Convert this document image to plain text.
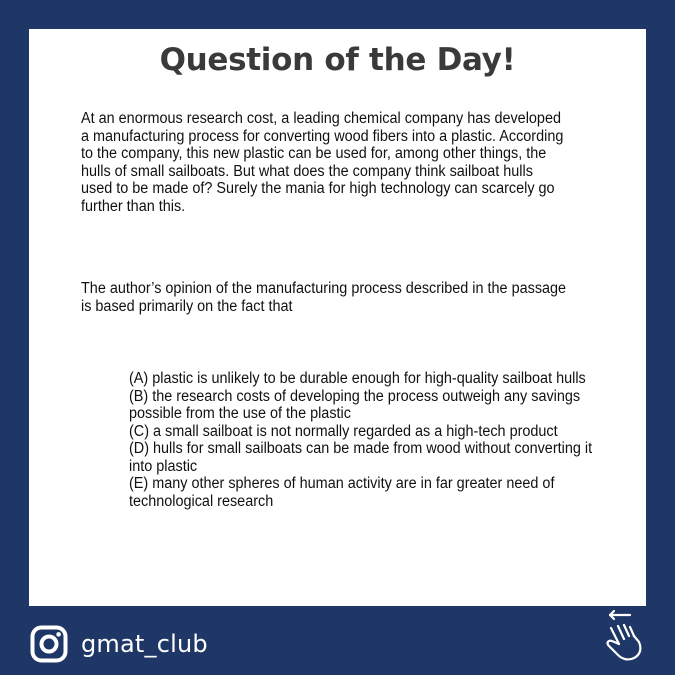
Question of the Day!

At an enormous research cost, a leading chemical company has developed a manufacturing process for converting wood fibers into a plastic. According to the company, this new plastic can be used for, among other things, the hulls of small sailboats. But what does the company think sailboat hulls used to be made of? Surely the mania for high technology can scarcely go further than this.

The author’s opinion of the manufacturing process described in the passage is based primarily on the fact that

(A) plastic is unlikely to be durable enough for high-quality sailboat hulls
(B) the research costs of developing the process outweigh any savings possible from the use of the plastic
(C) a small sailboat is not normally regarded as a high-tech product
(D) hulls for small sailboats can be made from wood without converting it into plastic
(E) many other spheres of human activity are in far greater need of technological research
gmat_club
